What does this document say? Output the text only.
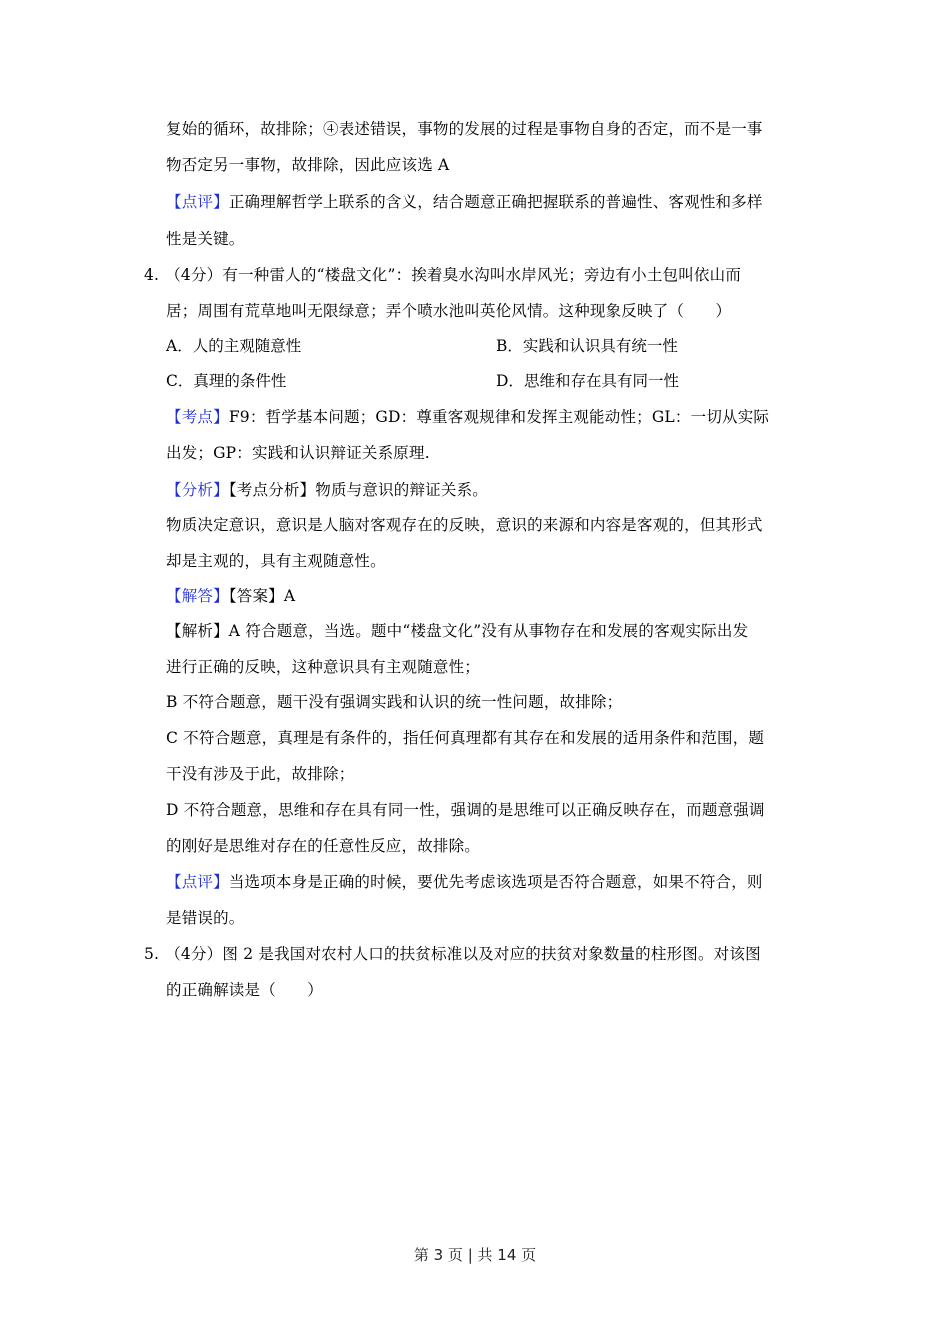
复始的循环，故排除；④表述错误，事物的发展的过程是事物自身的否定，而不是一事
物否定另一事物，故排除，因此应该选 A
【点评】正确理解哲学上联系的含义，结合题意正确把握联系的普遍性、客观性和多样
性是关键。
4. （4分）有一种雷人的“楼盘文化”：挨着臭水沟叫水岸风光；旁边有小土包叫依山而
居；周围有荒草地叫无限绿意；弄个喷水池叫英伦风情。这种现象反映了（　　）
A．人的主观随意性	B．实践和认识具有统一性
C．真理的条件性	D．思维和存在具有同一性
【考点】F9：哲学基本问题；GD：尊重客观规律和发挥主观能动性；GL：一切从实际
出发；GP：实践和认识辩证关系原理.
【分析】【考点分析】物质与意识的辩证关系。
物质决定意识，意识是人脑对客观存在的反映，意识的来源和内容是客观的，但其形式
却是主观的，具有主观随意性。
【解答】【答案】A
【解析】A 符合题意，当选。题中“楼盘文化”没有从事物存在和发展的客观实际出发
进行正确的反映，这种意识具有主观随意性；
B 不符合题意，题干没有强调实践和认识的统一性问题，故排除；
C 不符合题意，真理是有条件的，指任何真理都有其存在和发展的适用条件和范围，题
干没有涉及于此，故排除；
D 不符合题意，思维和存在具有同一性，强调的是思维可以正确反映存在，而题意强调
的刚好是思维对存在的任意性反应，故排除。
【点评】当选项本身是正确的时候，要优先考虑该选项是否符合题意，如果不符合，则
是错误的。
5. （4分）图 2 是我国对农村人口的扶贫标准以及对应的扶贫对象数量的柱形图。对该图
的正确解读是（　　）
第 3 页 | 共 14 页
